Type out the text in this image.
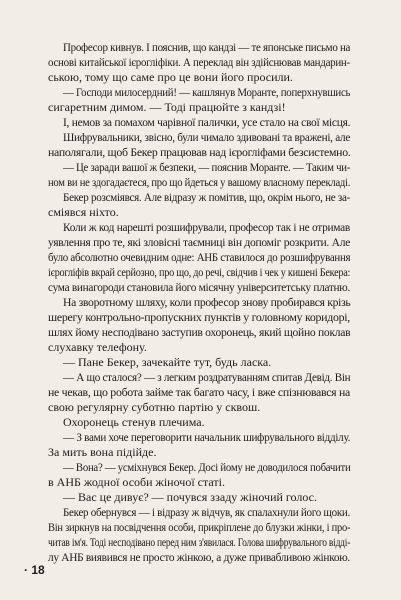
Професор кивнув. І пояснив, що кандзі — те японське письмо на
основі китайської ієрогліфіки. А переклад він здійснював мандарин-
ською, тому що саме про це вони його просили.
— Господи милосердний! — кашлянув Моранте, поперхнувшись
сигаретним димом. — Тоді працюйте з кандзі!
І, немов за помахом чарівної палички, усе стало на свої місця.
Шифрувальники, звісно, були чимало здивовані та вражені, але
наполягали, щоб Бекер працював над ієрогліфами безсистемно.
— Це заради вашої ж безпеки, — пояснив Моранте. — Таким чи-
ном ви не здогадаєтеся, про що йдеться у вашому власному перекладі.
Бекер розсміявся. Але відразу ж помітив, що, окрім нього, не за-
сміявся ніхто.
Коли ж код нарешті розшифрували, професор так і не отримав
уявлення про те, які зловісні таємниці він допоміг розкрити. Але
було абсолютно очевидним одне: АНБ ставилося до розшифрування
ієрогліфів вкрай серйозно, про що, до речі, свідчив і чек у кишені Бекера:
сума винагороди становила його місячну університетську платню.
На зворотному шляху, коли професор знову пробирався крізь
шерегу контрольно-пропускних пунктів у головному коридорі,
шлях йому несподівано заступив охоронець, який щойно поклав
слухавку телефону.
— Пане Бекер, зачекайте тут, будь ласка.
— А що сталося? — з легким роздратуванням спитав Девід. Він
не чекав, що робота займе так багато часу, і вже спізнювався на
свою регулярну суботню партію у сквош.
Охоронець стенув плечима.
— З вами хоче переговорити начальник шифрувального відділу.
За мить вона підійде.
— Вона? — усміхнувся Бекер. Досі йому не доводилося побачити
в АНБ жодної особи жіночої статі.
— Вас це дивує? — почувся ззаду жіночий голос.
Бекер обернувся — і відразу ж відчув, як спалахнули його щоки.
Він зиркнув на посвідчення особи, прикріплене до блузки жінки, і про-
читав ім'я. Тоді несподівано перед ним з'явилася. Голова шифрувального відді-
лу АНБ виявився не просто жінкою, а дуже привабливою жінкою.
· 18
